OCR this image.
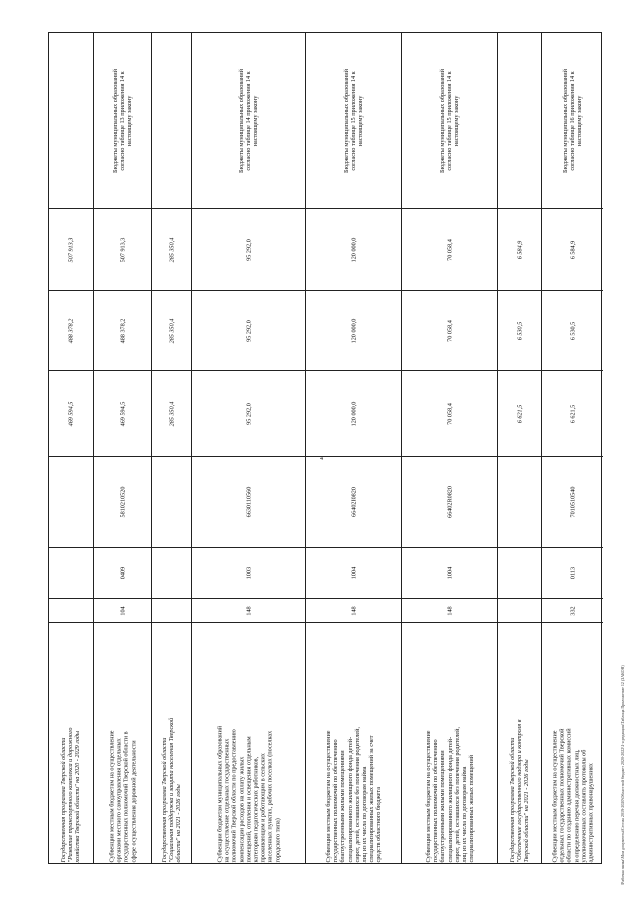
4
\Рабочая папка\Мои документы\Сессия 2019-2020\Областной бюджет 2020-2022\1-я редакция\Таблица Приложение 12 (ЗАКОН)
507 913,3
488 378,2
469 594,5
Государственная программа Тверской области
"Развитие транспортного комплекса и дорожного
хозяйства Тверской области" на 2020 - 2029 годы
Бюджеты муниципальных образований
согласно таблице 13 приложения 14 к
настоящему закону
507 913,3
488 378,2
469 594,5
5810210520
0409
104
Субвенции местным бюджетам на осуществление
органами местного самоуправления отдельных
государственных полномочий Тверской области в
сфере осуществления дорожной деятельности
285 350,4
285 350,4
285 350,4
Государственная программа Тверской области
"Социальная поддержка и защита населения Тверской
области" на 2021 - 2026 годы
Бюджеты муниципальных образований
согласно таблице 14 приложения 14 к
настоящему закону
95 292,0
95 292,0
95 292,0
6630110560
1003
148
Субвенции бюджетам муниципальных образований
на осуществление отдельных государственных
полномочий Тверской области по предоставлению
компенсации расходов на оплату жилых
помещений, отопления и освещения отдельным
категориям педагогических работников,
проживающим и работающим в сельских
населенных пунктах, рабочих поселках (поселках
городского типа)
Бюджеты муниципальных образований
согласно таблице 15 приложения 14 к
настоящему закону
120 000,0
120 000,0
120 000,0
66402I0820
1004
148
Субвенции местным бюджетам на осуществление
государственных полномочий по обеспечению
благоустроенными жилыми помещениями
специализированного жилищного фонда детей-
сирот, детей, оставшихся без попечения родителей,
лиц из их числа по договорам найма
специализированных жилых помещений за счет
средств областного бюджета
Бюджеты муниципальных образований
согласно таблице 15 приложения 14 к
настоящему закону
70 058,4
70 058,4
70 058,4
66402R0820
1004
148
Субвенции местным бюджетам на осуществление
государственных полномочий по обеспечению
благоустроенными жилыми помещениями
специализированного жилищного фонда детей-
сирот, детей, оставшихся без попечения родителей,
лиц из их числа по договорам найма
специализированных жилых помещений
6 584,9
6 530,5
6 621,5
Государственная программа Тверской области
"Обеспечение государственного надзора и контроля в
Тверской области" на 2021 - 2026 годы
Бюджеты муниципальных образований
согласно таблице 16 приложения 14 к
настоящему закону
6 584,9
6 530,5
6 621,5
7010510540
0113
332
Субвенции местным бюджетам на осуществление
отдельных государственных полномочий Тверской
области по созданию административных комиссий
и определению перечня должностных лиц,
уполномоченных составлять протоколы об
административных правонарушениях
